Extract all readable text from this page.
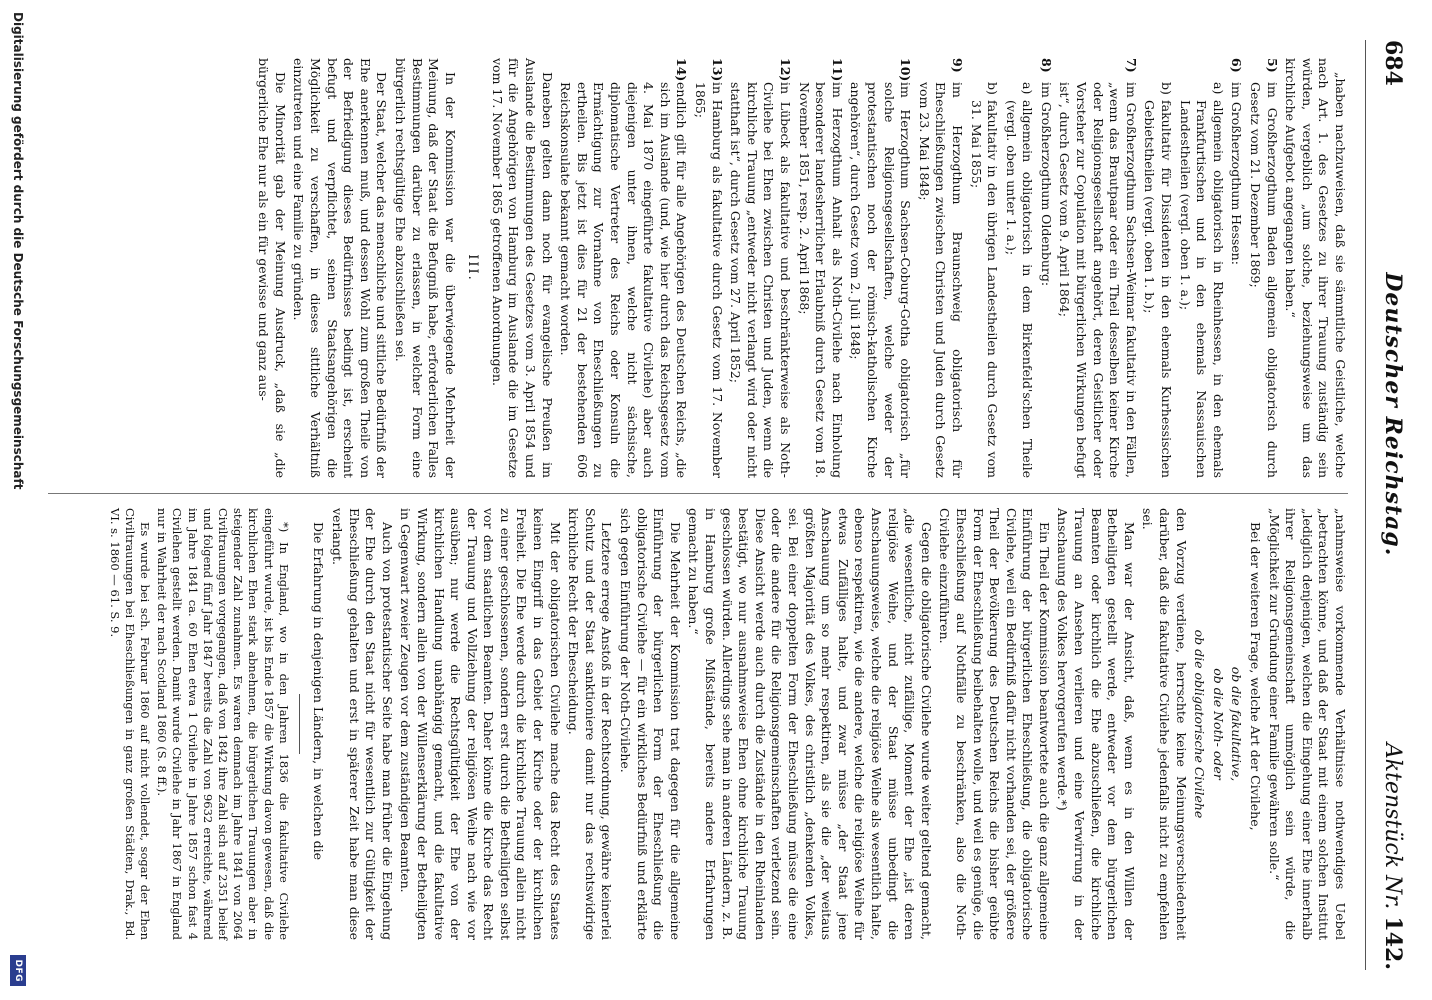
684
Deutscher Reichstag.
Aktenstück Nr. 142.

„haben nachzuweisen, daß sie sämmtliche Geistliche, welche nach Art. 1. des Gesetzes zu ihrer Trauung zuständig sein würden, vergeblich „um solche, beziehungsweise um das kirchliche Aufgebot angegangen haben.“

5)
im Großherzogthum Baden allgemein obligatorisch durch Gesetz vom 21. Dezember 1869;
6)
im Großherzogthum Hessen:
a)
allgemein obligatorisch in Rheinhessen, in den ehemals Frankfurtischen und in den ehemals Nassauischen Landestheilen (vergl. oben 1. a.);
b)
fakultativ für Dissidenten in den ehemals Kurhessischen Gebietstheilen (vergl. oben 1. b.);
7)
im Großherzogthum Sachsen-Weimar fakultativ in den Fällen, „wenn das Brautpaar oder ein Theil desselben keiner Kirche oder Religionsgesellschaft angehört, deren Geistlicher oder Vorsteher zur Copulation mit bürgerlichen Wirkungen befugt ist“, durch Gesetz vom 9. April 1864;
8)
im Großherzogthum Oldenburg:
a)
allgemein obligatorisch in dem Birkenfeld'schen Theile (vergl. oben unter 1. a.);
b)
fakultativ in den übrigen Landestheilen durch Gesetz vom 31. Mai 1855;
9)
im Herzogthum Braunschweig obligatorisch für Eheschließungen zwischen Christen und Juden durch Gesetz vom 23. Mai 1848;
10)
im Herzogthum Sachsen-Coburg-Gotha obligatorisch „für solche Religionsgesellschaften, welche weder der protestantischen noch der römisch-katholischen Kirche angehören“, durch Gesetz vom 2. Juli 1848;
11)
im Herzogthum Anhalt als Noth-Civilehe nach Einholung besonderer landesherrlicher Erlaubniß durch Gesetz vom 18. November 1851, resp. 2. April 1868;
12)
in Lübeck als fakultative und beschränkterweise als Noth-Civilehe bei Ehen zwischen Christen und Juden, wenn die kirchliche Trauung „entweder nicht verlangt wird oder nicht statthaft ist“, durch Gesetz vom 27. April 1852;
13)
in Hamburg als fakultative durch Gesetz vom 17. November 1865;
14)
endlich gilt für alle Angehörigen des Deutschen Reichs, „die sich im Auslande (und, wie hier durch das Reichsgesetz vom 4. Mai 1870 eingeführte fakultative Civilehe) aber auch diejenigen unter ihnen, welche nicht sächsische, diplomatische Vertreter des Reichs oder Konsuln die Ermächtigung zur Vornahme von Eheschließungen zu ertheilen. Bis jetzt ist dies für 21 der bestehenden 606 Reichskonsulate bekannt gemacht worden.

Daneben gelten dann noch für evangelische Preußen im Auslande die Bestimmungen des Gesetzes vom 3. April 1854 und für die Angehörigen von Hamburg im Auslande die im Gesetze vom 17. November 1865 getroffenen Anordnungen.

III.

In der Kommission war die überwiegende Mehrheit der Meinung, daß der Staat die Befugniß habe, erforderlichen Falles Bestimmungen darüber zu erlassen, in welcher Form eine bürgerlich rechtsgültige Ehe abzuschließen sei.

Der Staat, welcher das menschliche und sittliche Bedürfniß der Ehe anerkennen muß, und dessen Wohl zum großen Theile von der Befriedigung dieses Bedürfnisses bedingt ist, erscheint befugt und verpflichtet, seinen Staatsangehörigen die Möglichkeit zu verschaffen, in dieses sittliche Verhältniß einzutreten und eine Familie zu gründen.

Die Minorität gab der Meinung Ausdruck, „daß sie „die bürgerliche Ehe nur als ein für gewisse und ganz aus-

„nahmsweise vorkommende Verhältnisse nothwendiges Uebel „betrachten könne, und daß der Staat mit einem solchen Institut „lediglich denjenigen, welchen die Eingehung einer Ehe innerhalb ihrer Religionsgemeinschaft unmöglich sein würde, die „Möglichkeit zur Gründung einer Familie gewähren solle.“

Bei der weiteren Frage, welche Art der Civilehe,

ob die fakultative,
ob die Noth- oder
ob die obligatorische Civilehe

den Vorzug verdiene, herrschte keine Meinungsverschiedenheit darüber, daß die fakultative Civilehe jedenfalls nicht zu empfehlen sei.

Man war der Ansicht, daß, wenn es in den Willen der Betheiligten gestellt werde, entweder vor dem bürgerlichen Beamten oder kirchlich die Ehe abzuschließen, die kirchliche Trauung an Ansehen verlieren und eine Verwirrung in der Anschauung des Volkes hervorgerufen werde.*)

Ein Theil der Kommission beantwortete auch die ganz allgemeine Einführung der bürgerlichen Eheschließung, die obligatorische Civilehe, weil ein Bedürfniß dafür nicht vorhanden sei, der größere Theil der Bevölkerung des Deutschen Reichs die bisher geübte Form der Eheschließung beibehalten wolle, und weil es genüge, die Eheschließung auf Nothfälle zu beschränken, also die Noth-Civilehe einzuführen.

Gegen die obligatorische Civilehe wurde weiter geltend gemacht, „die wesentliche, nicht zufällige, Moment der Ehe „ist deren religiöse Weihe, und der Staat müsse unbedingt die Anschauungsweise, welche die religiöse Weihe als wesentlich halte, ebenso respektiren, wie die andere, welche die religiöse Weihe für etwas Zufälliges halte, und zwar müsse „der Staat jene Anschauung um so mehr respektiren, als sie die „der weitaus größten Majorität des Volkes, des christlich „denkenden Volkes, sei. Bei einer doppelten Form der Eheschließung müsse die eine oder die andere für die Religionsgemeinschaften verletzend sein. Diese Ansicht werde auch durch die Zustände in den Rheinlanden bestätigt, wo nur ausnahmsweise Ehen ohne kirchliche Trauung geschlossen würden. Allerdings sehe man in anderen Ländern, z. B. in Hamburg große Mißstände, bereits andere Erfahrungen gemacht zu haben.“

Die Mehrheit der Kommission trat dagegen für die allgemeine Einführung der bürgerlichen Form der Eheschließung die obligatorische Civilehe — für ein wirkliches Bedürfniß und erklärte sich gegen Einführung der Noth-Civilehe.

Letztere errege Anstoß in der Rechtsordnung, gewähre keinerlei Schutz und der Staat sanktioniere damit nur das rechtswidrige kirchliche Recht der Ehescheidung.

Mit der obligatorischen Civilehe mache das Recht des Staates keinen Eingriff in das Gebiet der Kirche oder der kirchlichen Freiheit. Die Ehe werde durch die kirchliche Trauung allein nicht zu einer geschlossenen, sondern erst durch die Betheiligten selbst vor dem staatlichen Beamten. Daher könne die Kirche das Recht der Trauung und Vollziehung der religiösen Weihe nach wie vor ausüben; nur werde die Rechtsgültigkeit der Ehe von der kirchlichen Handlung unabhängig gemacht, und die fakultative Wirkung, sondern allein von der Willenserklärung der Betheiligten in Gegenwart zweier Zeugen vor dem zuständigen Beamten.

Auch von protestantischer Seite habe man früher die Eingehung der Ehe durch den Staat nicht für wesentlich zur Gültigkeit der Eheschließung gehalten und erst in späterer Zeit habe man diese verlangt.

Die Erfahrung in denjenigen Ländern, in welchen die

*) In England, wo in den Jahren 1836 die fakultative Civilehe eingeführt wurde, ist bis Ende 1857 die Wirkung davon gewesen, daß die kirchlichen Ehen stark abnehmen, die bürgerlichen Trauungen aber in steigender Zahl zunahmen. Es waren demnach im Jahre 1841 von 2064 Civiltrauungen vorgegangen, daß von 1842 ihre Zahl sich auf 2351 belief und folgend fünf Jahr 1847 bereits die Zahl von 9632 erreichte, während im Jahre 1841 ca. 60 Ehen etwa 1 Civilehe in Jahre 1857 schon fast 4 Civilehen gestellt werden. Damit wurde Civilehe in Jahr 1867 in England nur in Wahrheit der nach Scotland 1860 (S. 8 ff.).

Es wurde bei sch. Februar 1860 auf nicht vollendet, sogar der Ehen Civiltrauungen bei Eheschließungen in ganz großen Städten, Drak., Bd. VI. s. 1860 — 61. S. 9.

Digitalisierung gefördert durch die Deutsche Forschungsgemeinschaft
DFG
